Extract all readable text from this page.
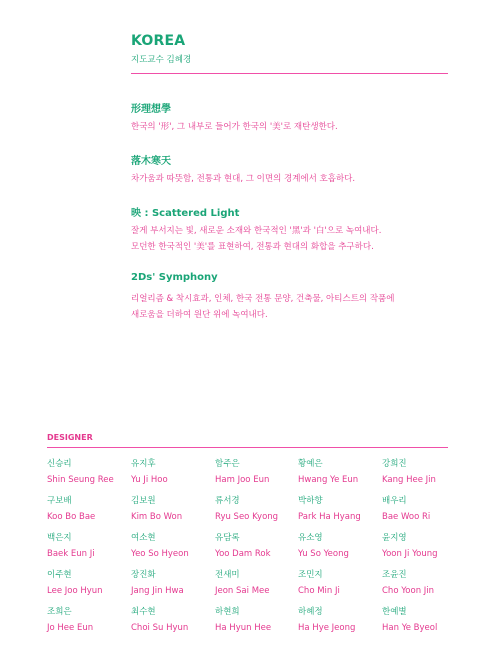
KOREA
지도교수 김혜경
形理想學
한국의 '形', 그 내부로 들어가 한국의 '美'로 재탄생한다.
落木寒天
차가움과 따뜻함, 전통과 현대, 그 이면의 경계에서 호흡하다.
映 : Scattered Light
잘게 부서지는 빛, 새로운 소재와 한국적인 '黑'과 '白'으로 녹여내다.
모던한 한국적인 '美'를 표현하여, 전통과 현대의 화합을 추구하다.
2Ds' Symphony
리얼리즘 & 착시효과, 인체, 한국 전통 문양, 건축물, 아티스트의 작품에
새로움을 더하여 원단 위에 녹여내다.
DESIGNER
신승리
Shin Seung Ree
유지후
Yu Ji Hoo
함주은
Ham Joo Eun
황예은
Hwang Ye Eun
강희진
Kang Hee Jin
구보배
Koo Bo Bae
김보원
Kim Bo Won
류서경
Ryu Seo Kyong
박하향
Park Ha Hyang
배우리
Bae Woo Ri
백은지
Baek Eun Ji
여소현
Yeo So Hyeon
유담록
Yoo Dam Rok
유소영
Yu So Yeong
윤지영
Yoon Ji Young
이주현
Lee Joo Hyun
장진화
Jang Jin Hwa
전새미
Jeon Sai Mee
조민지
Cho Min Ji
조윤진
Cho Yoon Jin
조희은
Jo Hee Eun
최수현
Choi Su Hyun
하현희
Ha Hyun Hee
하혜정
Ha Hye Jeong
한예별
Han Ye Byeol
